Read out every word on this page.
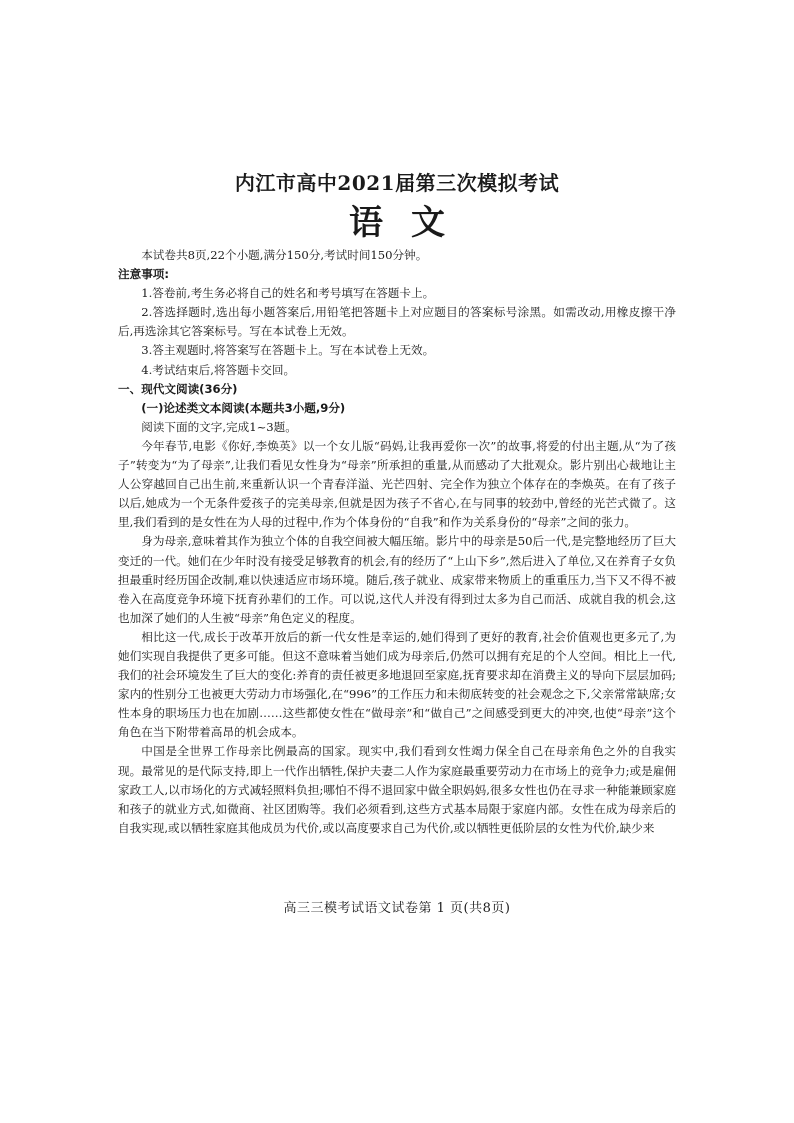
内江市高中2021届第三次模拟考试
语文

本试卷共8页,22个小题,满分150分,考试时间150分钟。

注意事项:

1.答卷前,考生务必将自己的姓名和考号填写在答题卡上。

2.答选择题时,选出每小题答案后,用铅笔把答题卡上对应题目的答案标号涂黑。如需改动,用橡皮擦干净后,再选涂其它答案标号。写在本试卷上无效。

3.答主观题时,将答案写在答题卡上。写在本试卷上无效。

4.考试结束后,将答题卡交回。

一、现代文阅读(36分)

(一)论述类文本阅读(本题共3小题,9分)

阅读下面的文字,完成1~3题。

今年春节,电影《你好,李焕英》以一个女儿版“码妈,让我再爱你一次”的故事,将爱的付出主题,从“为了孩子”转变为“为了母亲”,让我们看见女性身为“母亲”所承担的重量,从而感动了大批观众。影片别出心裁地让主人公穿越回自己出生前,来重新认识一个青春洋溢、光芒四射、完全作为独立个体存在的李焕英。在有了孩子以后,她成为一个无条件爱孩子的完美母亲,但就是因为孩子不省心,在与同事的较劲中,曾经的光芒式微了。这里,我们看到的是女性在为人母的过程中,作为个体身份的“自我”和作为关系身份的“母亲”之间的张力。

身为母亲,意味着其作为独立个体的自我空间被大幅压缩。影片中的母亲是50后一代,是完整地经历了巨大变迁的一代。她们在少年时没有接受足够教育的机会,有的经历了“上山下乡”,然后进入了单位,又在养育子女负担最重时经历国企改制,难以快速适应市场环境。随后,孩子就业、成家带来物质上的重重压力,当下又不得不被卷入在高度竞争环境下抚育孙辈们的工作。可以说,这代人并没有得到过太多为自己而活、成就自我的机会,这也加深了她们的人生被“母亲”角色定义的程度。

相比这一代,成长于改革开放后的新一代女性是幸运的,她们得到了更好的教育,社会价值观也更多元了,为她们实现自我提供了更多可能。但这不意味着当她们成为母亲后,仍然可以拥有充足的个人空间。相比上一代,我们的社会环境发生了巨大的变化:养育的责任被更多地退回至家庭,抚育要求却在消费主义的导向下层层加码;家内的性别分工也被更大劳动力市场强化,在“996”的工作压力和未彻底转变的社会观念之下,父亲常常缺席;女性本身的职场压力也在加剧……这些都使女性在“做母亲”和“做自己”之间感受到更大的冲突,也使“母亲”这个角色在当下附带着高昂的机会成本。

中国是全世界工作母亲比例最高的国家。现实中,我们看到女性竭力保全自己在母亲角色之外的自我实现。最常见的是代际支持,即上一代作出牺牲,保护夫妻二人作为家庭最重要劳动力在市场上的竞争力;或是雇佣家政工人,以市场化的方式减轻照料负担;哪怕不得不退回家中做全职妈妈,很多女性也仍在寻求一种能兼顾家庭和孩子的就业方式,如微商、社区团购等。我们必须看到,这些方式基本局限于家庭内部。女性在成为母亲后的自我实现,或以牺牲家庭其他成员为代价,或以高度要求自己为代价,或以牺牲更低阶层的女性为代价,缺少来

高三三模考试语文试卷第 1 页(共8页)
